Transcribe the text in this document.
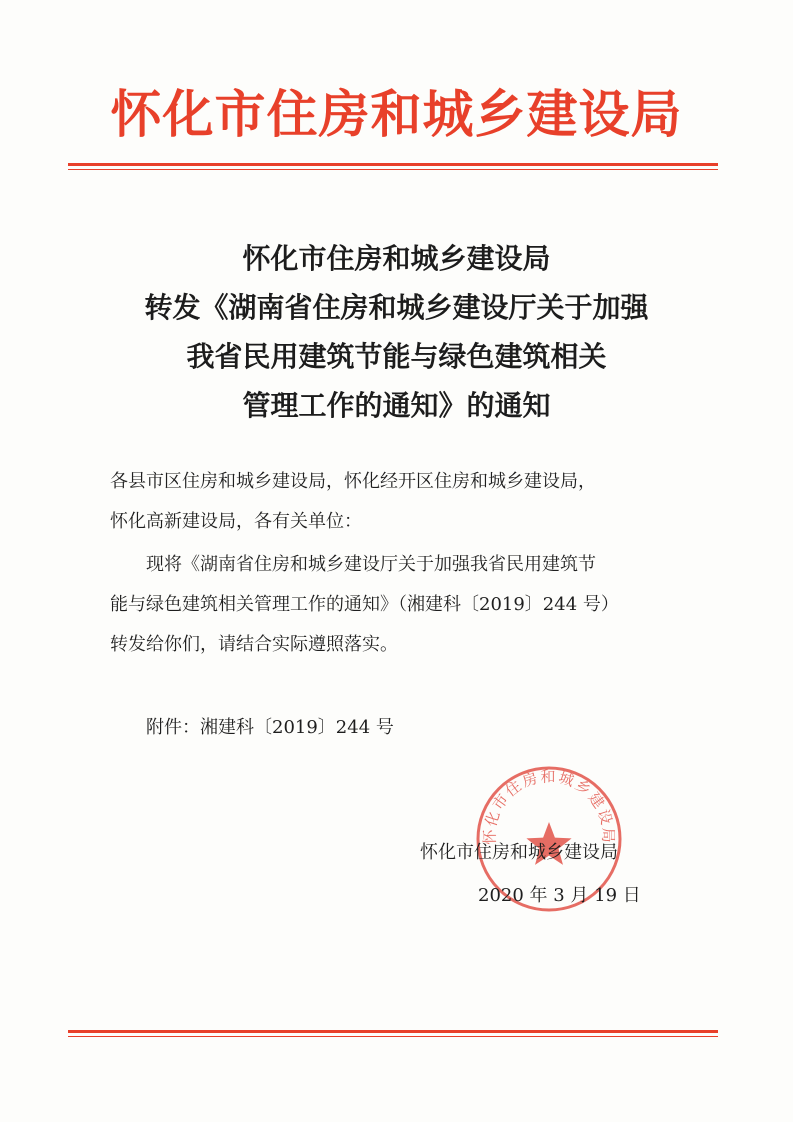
怀化市住房和城乡建设局
怀化市住房和城乡建设局
转发《湖南省住房和城乡建设厅关于加强
我省民用建筑节能与绿色建筑相关
管理工作的通知》的通知
各县市区住房和城乡建设局，怀化经开区住房和城乡建设局，
怀化高新建设局，各有关单位：
现将《湖南省住房和城乡建设厅关于加强我省民用建筑节
能与绿色建筑相关管理工作的通知》（湘建科〔2019〕244 号）
转发给你们，请结合实际遵照落实。
附件：湘建科〔2019〕244 号
怀化市住房和城乡建设局
怀化市住房和城乡建设局
2020 年 3 月 19 日
